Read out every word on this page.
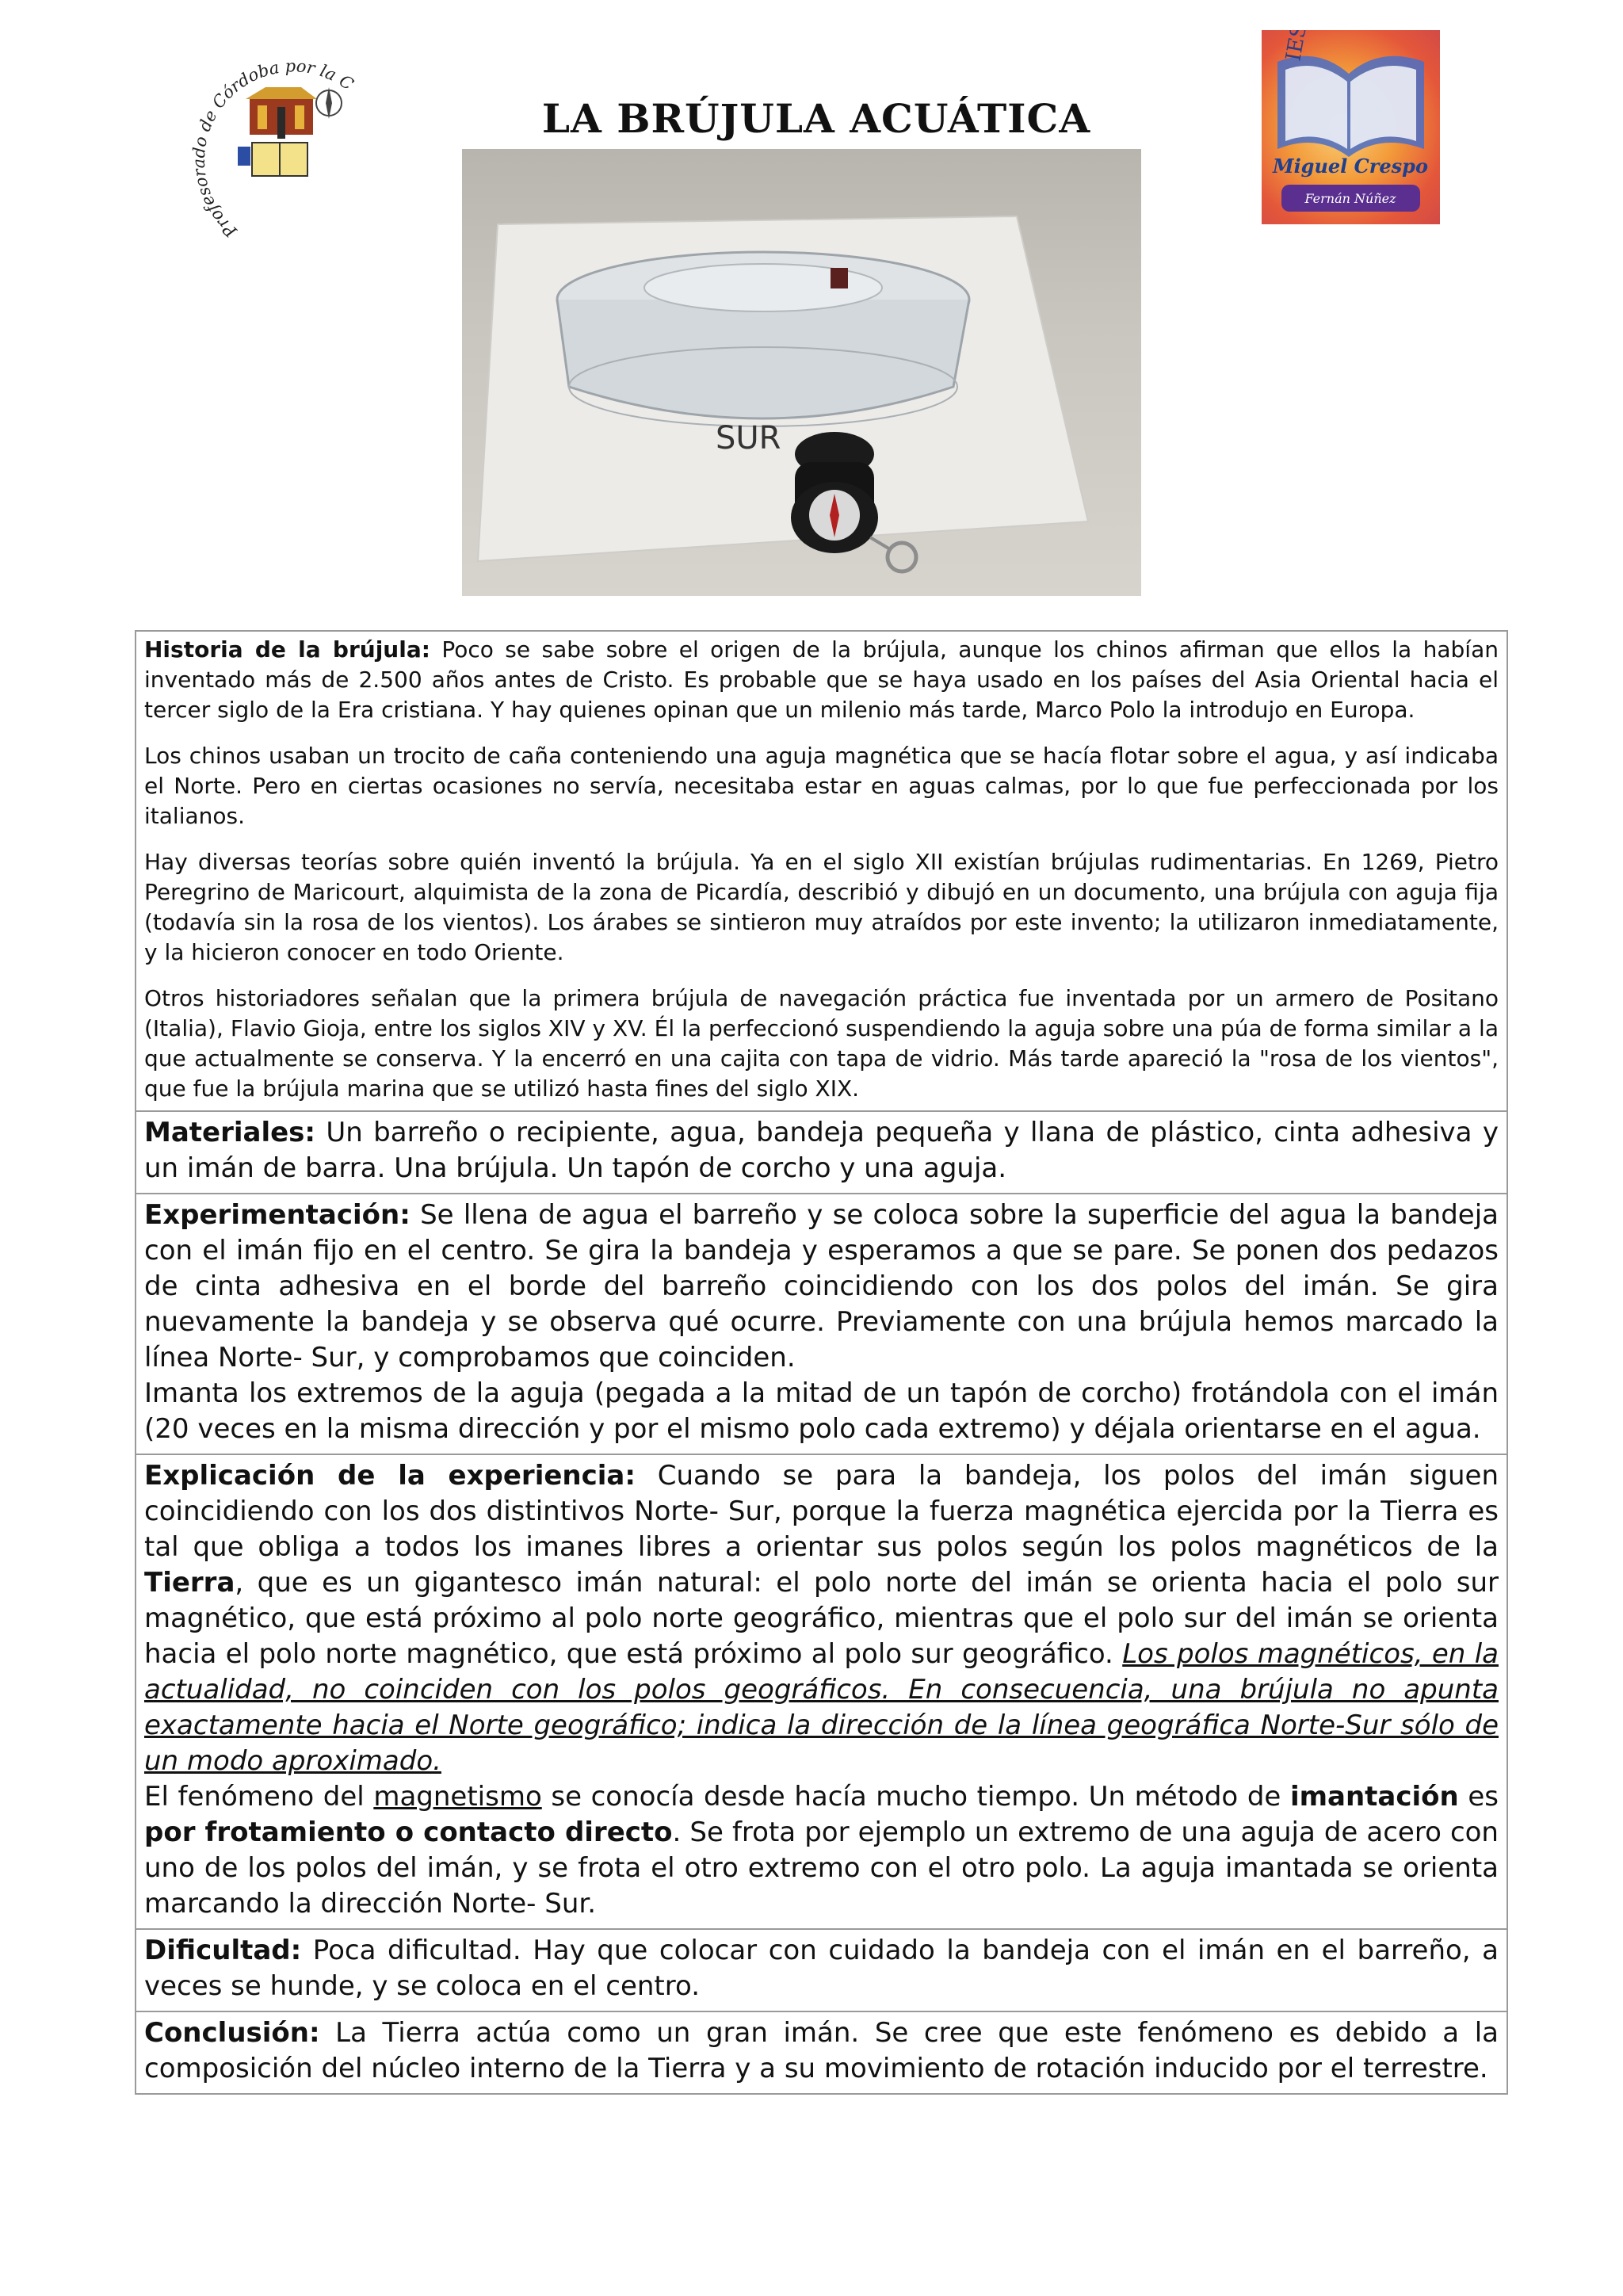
Profesorado de Córdoba por la C
LA BRÚJULA ACUÁTICA
IES
Miguel Crespo
Fernán Núñez
SUR

Historia de la brújula: Poco se sabe sobre el origen de la brújula, aunque los chinos afirman que ellos la habían inventado más de 2.500 años antes de Cristo. Es probable que se haya usado en los países del Asia Oriental hacia el tercer siglo de la Era cristiana. Y hay quienes opinan que un milenio más tarde, Marco Polo la introdujo en Europa.

Los chinos usaban un trocito de caña conteniendo una aguja magnética que se hacía flotar sobre el agua, y así indicaba el Norte. Pero en ciertas ocasiones no servía, necesitaba estar en aguas calmas, por lo que fue perfeccionada por los italianos.

Hay diversas teorías sobre quién inventó la brújula. Ya en el siglo XII existían brújulas rudimentarias. En 1269, Pietro Peregrino de Maricourt, alquimista de la zona de Picardía, describió y dibujó en un documento, una brújula con aguja fija (todavía sin la rosa de los vientos). Los árabes se sintieron muy atraídos por este invento; la utilizaron inmediatamente, y la hicieron conocer en todo Oriente.

Otros historiadores señalan que la primera brújula de navegación práctica fue inventada por un armero de Positano (Italia), Flavio Gioja, entre los siglos XIV y XV. Él la perfeccionó suspendiendo la aguja sobre una púa de forma similar a la que actualmente se conserva. Y la encerró en una cajita con tapa de vidrio. Más tarde apareció la "rosa de los vientos", que fue la brújula marina que se utilizó hasta fines del siglo XIX.

Materiales: Un barreño o recipiente, agua, bandeja pequeña y llana de plástico, cinta adhesiva y un imán de barra. Una brújula. Un tapón de corcho y una aguja.

Experimentación: Se llena de agua el barreño y se coloca sobre la superficie del agua la bandeja con el imán fijo en el centro. Se gira la bandeja y esperamos a que se pare. Se ponen dos pedazos de cinta adhesiva en el borde del barreño coincidiendo con los dos polos del imán. Se gira nuevamente la bandeja y se observa qué ocurre. Previamente con una brújula hemos marcado la línea Norte- Sur, y comprobamos que coinciden.

Imanta los extremos de la aguja (pegada a la mitad de un tapón de corcho) frotándola con el imán (20 veces en la misma dirección y por el mismo polo cada extremo) y déjala orientarse en el agua.

Explicación de la experiencia: Cuando se para la bandeja, los polos del imán siguen coincidiendo con los dos distintivos Norte- Sur, porque la fuerza magnética ejercida por la Tierra es tal que obliga a todos los imanes libres a orientar sus polos según los polos magnéticos de la Tierra, que es un gigantesco imán natural: el polo norte del imán se orienta hacia el polo sur magnético, que está próximo al polo norte geográfico, mientras que el polo sur del imán se orienta hacia el polo norte magnético, que está próximo al polo sur geográfico. Los polos magnéticos, en la actualidad, no coinciden con los polos geográficos. En consecuencia, una brújula no apunta exactamente hacia el Norte geográfico; indica la dirección de la línea geográfica Norte-Sur sólo de un modo aproximado.

El fenómeno del magnetismo se conocía desde hacía mucho tiempo. Un método de imantación es por frotamiento o contacto directo. Se frota por ejemplo un extremo de una aguja de acero con uno de los polos del imán, y se frota el otro extremo con el otro polo. La aguja imantada se orienta marcando la dirección Norte- Sur.

Dificultad: Poca dificultad. Hay que colocar con cuidado la bandeja con el imán en el barreño, a veces se hunde, y se coloca en el centro.

Conclusión: La Tierra actúa como un gran imán. Se cree que este fenómeno es debido a la composición del núcleo interno de la Tierra y a su movimiento de rotación inducido por el terrestre.
